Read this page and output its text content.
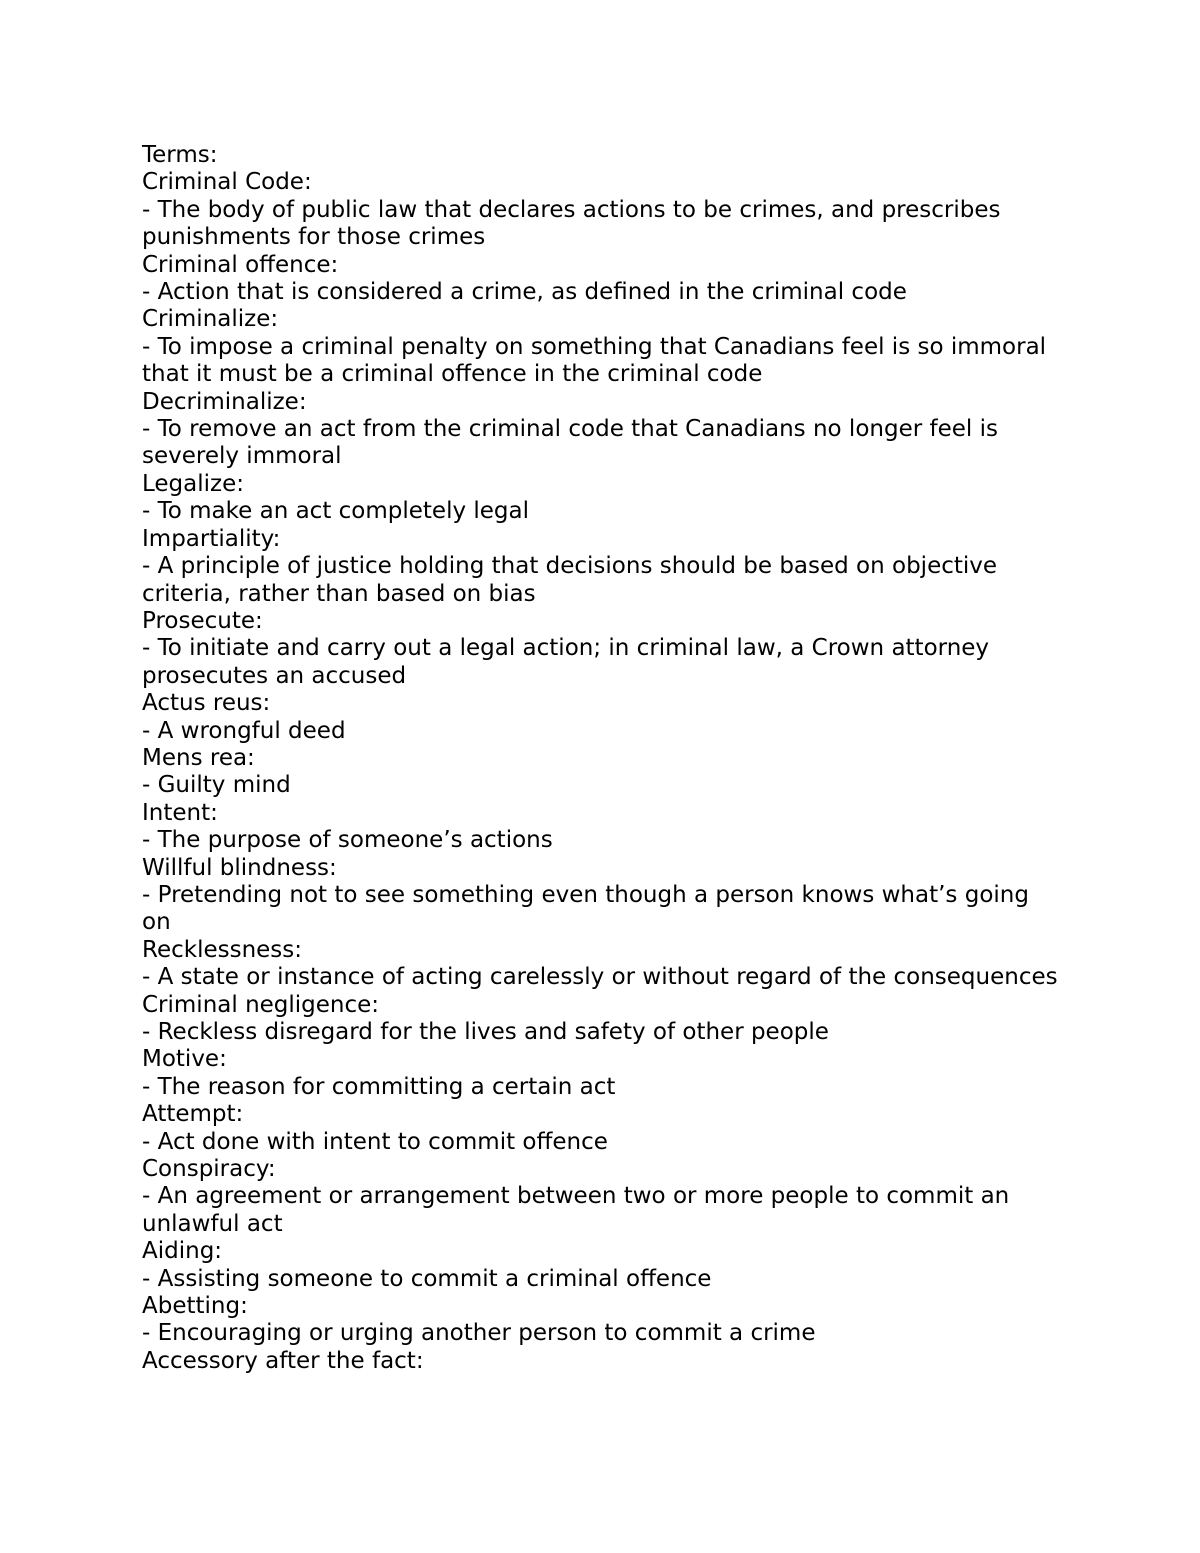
Terms:

Criminal Code:

- The body of public law that declares actions to be crimes, and prescribes punishments for those crimes

Criminal offence:

- Action that is considered a crime, as defined in the criminal code

Criminalize:

- To impose a criminal penalty on something that Canadians feel is so immoral that it must be a criminal offence in the criminal code

Decriminalize:

- To remove an act from the criminal code that Canadians no longer feel is severely immoral

Legalize:

- To make an act completely legal

Impartiality:

- A principle of justice holding that decisions should be based on objective criteria, rather than based on bias

Prosecute:

- To initiate and carry out a legal action; in criminal law, a Crown attorney prosecutes an accused

Actus reus:

- A wrongful deed

Mens rea:

- Guilty mind

Intent:

- The purpose of someone’s actions

Willful blindness:

- Pretending not to see something even though a person knows what’s going on

Recklessness:

- A state or instance of acting carelessly or without regard of the consequences

Criminal negligence:

- Reckless disregard for the lives and safety of other people

Motive:

- The reason for committing a certain act

Attempt:

- Act done with intent to commit offence

Conspiracy:

- An agreement or arrangement between two or more people to commit an unlawful act

Aiding:

- Assisting someone to commit a criminal offence

Abetting:

- Encouraging or urging another person to commit a crime

Accessory after the fact:
